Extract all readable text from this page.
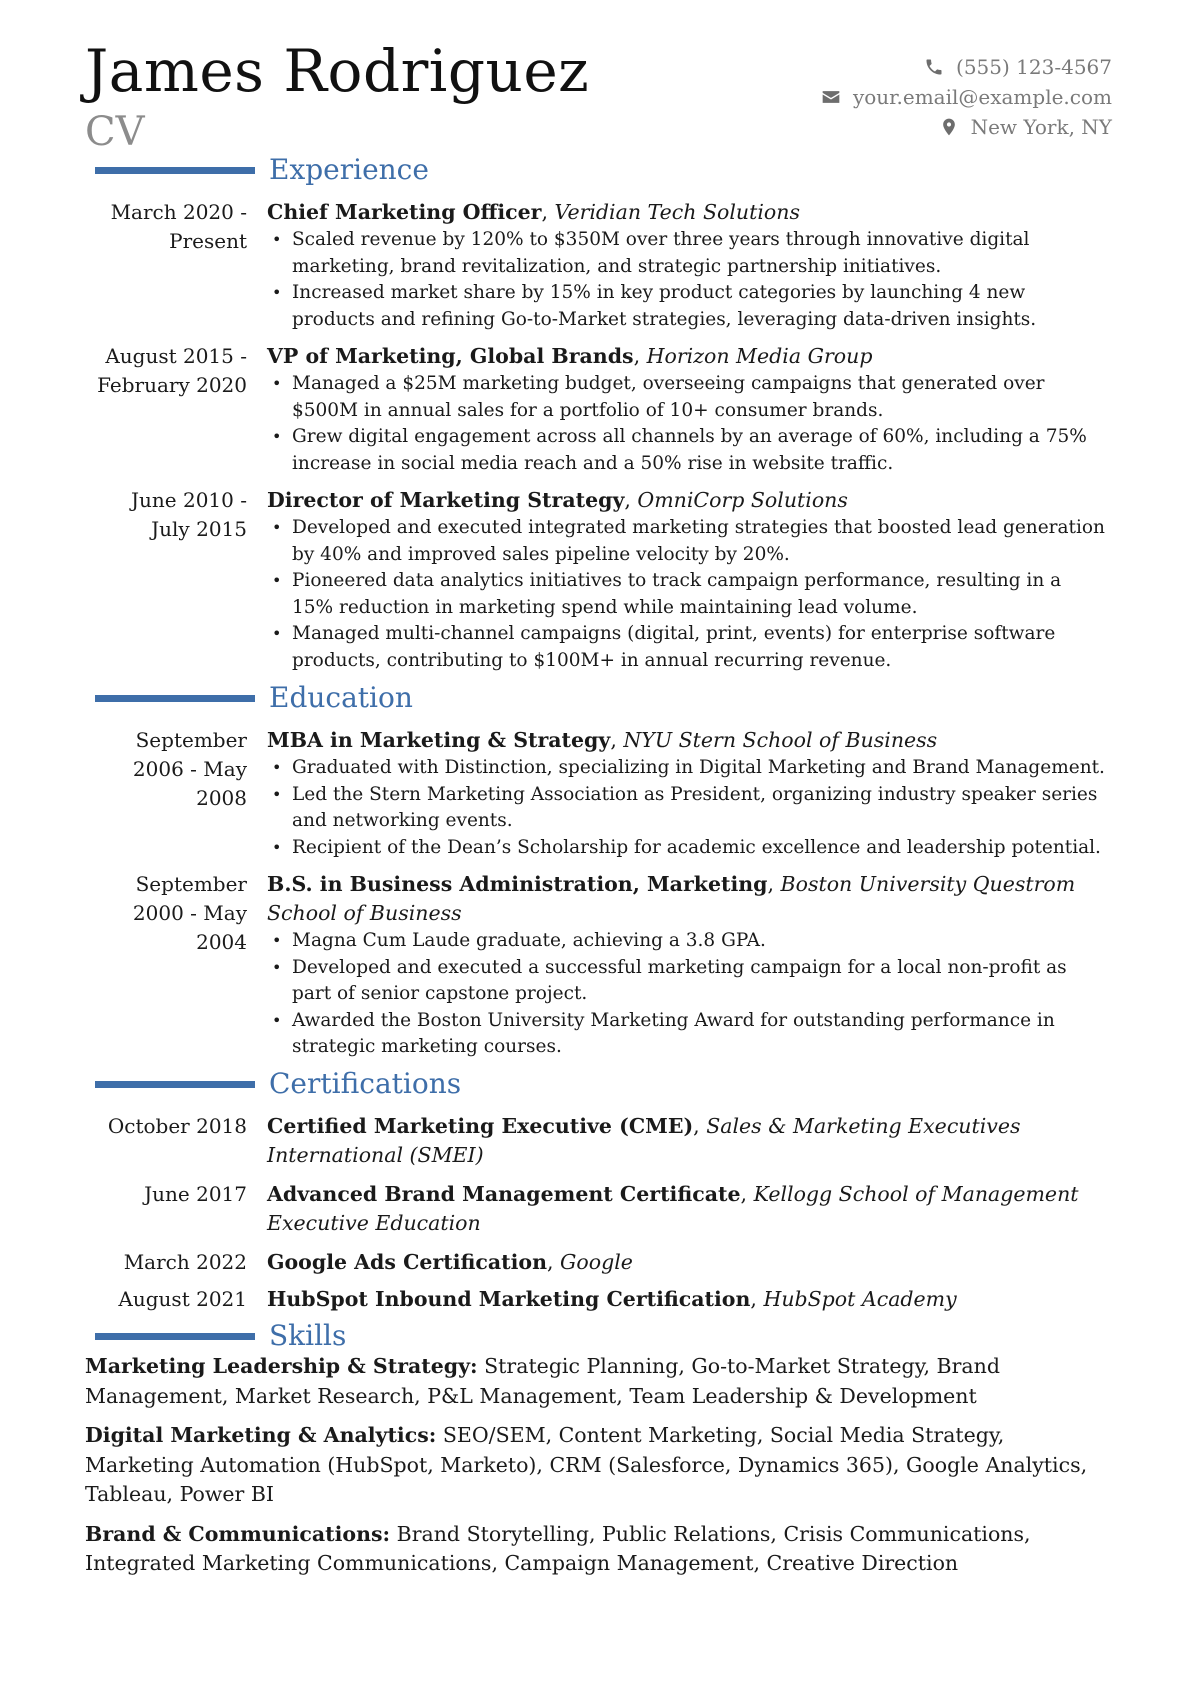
James Rodriguez
CV
(555) 123-4567
your.email@example.com
New York, NY
Experience
March 2020 -
Present
Chief Marketing Officer, Veridian Tech Solutions
• Scaled revenue by 120% to $350M over three years through innovative digital marketing, brand revitalization, and strategic partnership initiatives.
• Increased market share by 15% in key product categories by launching 4 new products and refining Go-to-Market strategies, leveraging data-driven insights.
August 2015 -
February 2020
VP of Marketing, Global Brands, Horizon Media Group
• Managed a $25M marketing budget, overseeing campaigns that generated over $500M in annual sales for a portfolio of 10+ consumer brands.
• Grew digital engagement across all channels by an average of 60%, including a 75% increase in social media reach and a 50% rise in website traffic.
June 2010 -
July 2015
Director of Marketing Strategy, OmniCorp Solutions
• Developed and executed integrated marketing strategies that boosted lead generation by 40% and improved sales pipeline velocity by 20%.
• Pioneered data analytics initiatives to track campaign performance, resulting in a 15% reduction in marketing spend while maintaining lead volume.
• Managed multi-channel campaigns (digital, print, events) for enterprise software products, contributing to $100M+ in annual recurring revenue.
Education
September
2006 - May
2008
MBA in Marketing & Strategy, NYU Stern School of Business
• Graduated with Distinction, specializing in Digital Marketing and Brand Management.
• Led the Stern Marketing Association as President, organizing industry speaker series and networking events.
• Recipient of the Dean’s Scholarship for academic excellence and leadership potential.
September
2000 - May
2004
B.S. in Business Administration, Marketing, Boston University Questrom School of Business
• Magna Cum Laude graduate, achieving a 3.8 GPA.
• Developed and executed a successful marketing campaign for a local non-profit as part of senior capstone project.
• Awarded the Boston University Marketing Award for outstanding performance in strategic marketing courses.
Certifications
October 2018 Certified Marketing Executive (CME), Sales & Marketing Executives International (SMEI)
June 2017 Advanced Brand Management Certificate, Kellogg School of Management Executive Education
March 2022 Google Ads Certification, Google
August 2021 HubSpot Inbound Marketing Certification, HubSpot Academy
Skills

Marketing Leadership & Strategy: Strategic Planning, Go-to-Market Strategy, Brand Management, Market Research, P&L Management, Team Leadership & Development

Digital Marketing & Analytics: SEO/SEM, Content Marketing, Social Media Strategy, Marketing Automation (HubSpot, Marketo), CRM (Salesforce, Dynamics 365), Google Analytics, Tableau, Power BI

Brand & Communications: Brand Storytelling, Public Relations, Crisis Communications, Integrated Marketing Communications, Campaign Management, Creative Direction
